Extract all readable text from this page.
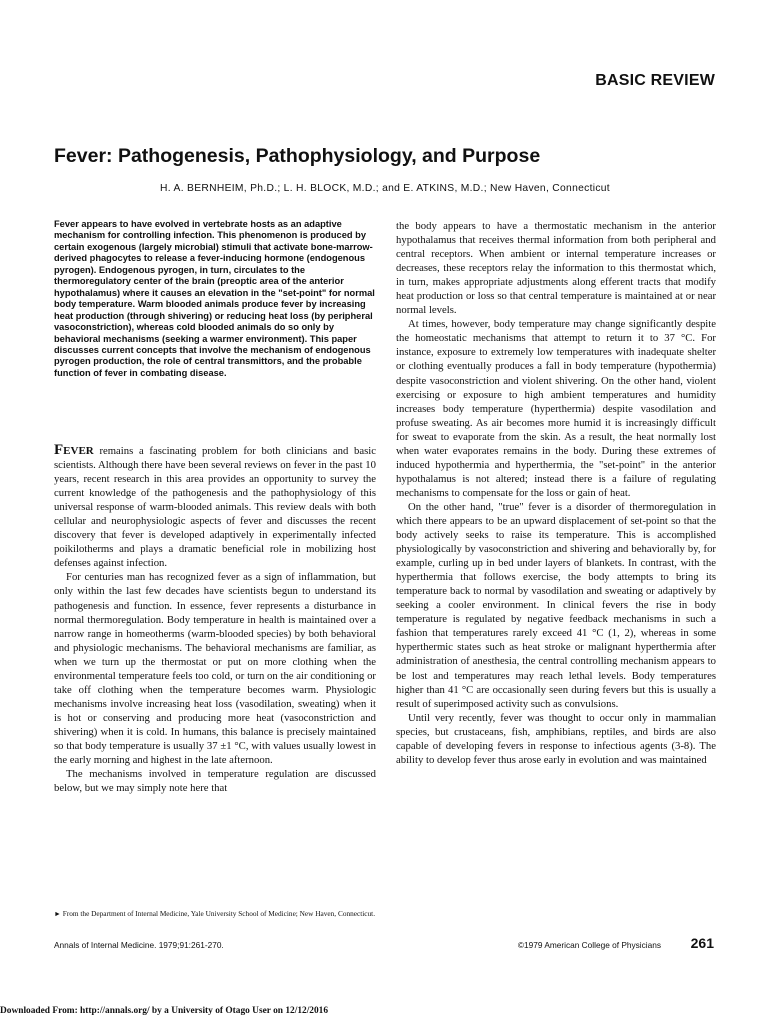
BASIC REVIEW
Fever: Pathogenesis, Pathophysiology, and Purpose
H. A. BERNHEIM, Ph.D.; L. H. BLOCK, M.D.; and E. ATKINS, M.D.; New Haven, Connecticut
Fever appears to have evolved in vertebrate hosts as an adaptive mechanism for controlling infection. This phenomenon is produced by certain exogenous (largely microbial) stimuli that activate bone-marrow-derived phagocytes to release a fever-inducing hormone (endogenous pyrogen). Endogenous pyrogen, in turn, circulates to the thermoregulatory center of the brain (preoptic area of the anterior hypothalamus) where it causes an elevation in the "set-point" for normal body temperature. Warm blooded animals produce fever by increasing heat production (through shivering) or reducing heat loss (by peripheral vasoconstriction), whereas cold blooded animals do so only by behavioral mechanisms (seeking a warmer environment). This paper discusses current concepts that involve the mechanism of endogenous pyrogen production, the role of central transmittors, and the probable function of fever in combating disease.

FEVER remains a fascinating problem for both clinicians and basic scientists. Although there have been several reviews on fever in the past 10 years, recent research in this area provides an opportunity to survey the current knowledge of the pathogenesis and the pathophysiology of this universal response of warm-blooded animals. This review deals with both cellular and neurophysiologic aspects of fever and discusses the recent discovery that fever is developed adaptively in experimentally infected poikilotherms and plays a dramatic beneficial role in mobilizing host defenses against infection.

For centuries man has recognized fever as a sign of inflammation, but only within the last few decades have scientists begun to understand its pathogenesis and function. In essence, fever represents a disturbance in normal thermoregulation. Body temperature in health is maintained over a narrow range in homeotherms (warm-blooded species) by both behavioral and physiologic mechanisms. The behavioral mechanisms are familiar, as when we turn up the thermostat or put on more clothing when the environmental temperature feels too cold, or turn on the air conditioning or take off clothing when the temperature becomes warm. Physiologic mechanisms involve increasing heat loss (vasodilation, sweating) when it is hot or conserving and producing more heat (vasoconstriction and shivering) when it is cold. In humans, this balance is precisely maintained so that body temperature is usually 37 ±1 °C, with values usually lowest in the early morning and highest in the late afternoon.

The mechanisms involved in temperature regulation are discussed below, but we may simply note here that

the body appears to have a thermostatic mechanism in the anterior hypothalamus that receives thermal information from both peripheral and central receptors. When ambient or internal temperature increases or decreases, these receptors relay the information to this thermostat which, in turn, makes appropriate adjustments along efferent tracts that modify heat production or loss so that central temperature is maintained at or near normal levels.

At times, however, body temperature may change significantly despite the homeostatic mechanisms that attempt to return it to 37 °C. For instance, exposure to extremely low temperatures with inadequate shelter or clothing eventually produces a fall in body temperature (hypothermia) despite vasoconstriction and violent shivering. On the other hand, violent exercising or exposure to high ambient temperatures and humidity increases body temperature (hyperthermia) despite vasodilation and profuse sweating. As air becomes more humid it is increasingly difficult for sweat to evaporate from the skin. As a result, the heat normally lost when water evaporates remains in the body. During these extremes of induced hypothermia and hyperthermia, the "set-point" in the anterior hypothalamus is not altered; instead there is a failure of regulating mechanisms to compensate for the loss or gain of heat.

On the other hand, "true" fever is a disorder of thermoregulation in which there appears to be an upward displacement of set-point so that the body actively seeks to raise its temperature. This is accomplished physiologically by vasoconstriction and shivering and behaviorally by, for example, curling up in bed under layers of blankets. In contrast, with the hyperthermia that follows exercise, the body attempts to bring its temperature back to normal by vasodilation and sweating or adaptively by seeking a cooler environment. In clinical fevers the rise in body temperature is regulated by negative feedback mechanisms in such a fashion that temperatures rarely exceed 41 °C (1, 2), whereas in some hyperthermic states such as heat stroke or malignant hyperthermia after administration of anesthesia, the central controlling mechanism appears to be lost and temperatures may reach lethal levels. Body temperatures higher than 41 °C are occasionally seen during fevers but this is usually a result of superimposed activity such as convulsions.

Until very recently, fever was thought to occur only in mammalian species, but crustaceans, fish, amphibians, reptiles, and birds are also capable of developing fevers in response to infectious agents (3-8). The ability to develop fever thus arose early in evolution and was maintained

► From the Department of Internal Medicine, Yale University School of Medicine; New Haven, Connecticut.
Annals of Internal Medicine. 1979;91:261-270.	©1979 American College of Physicians 261
Downloaded From: http://annals.org/ by a University of Otago User on 12/12/2016
